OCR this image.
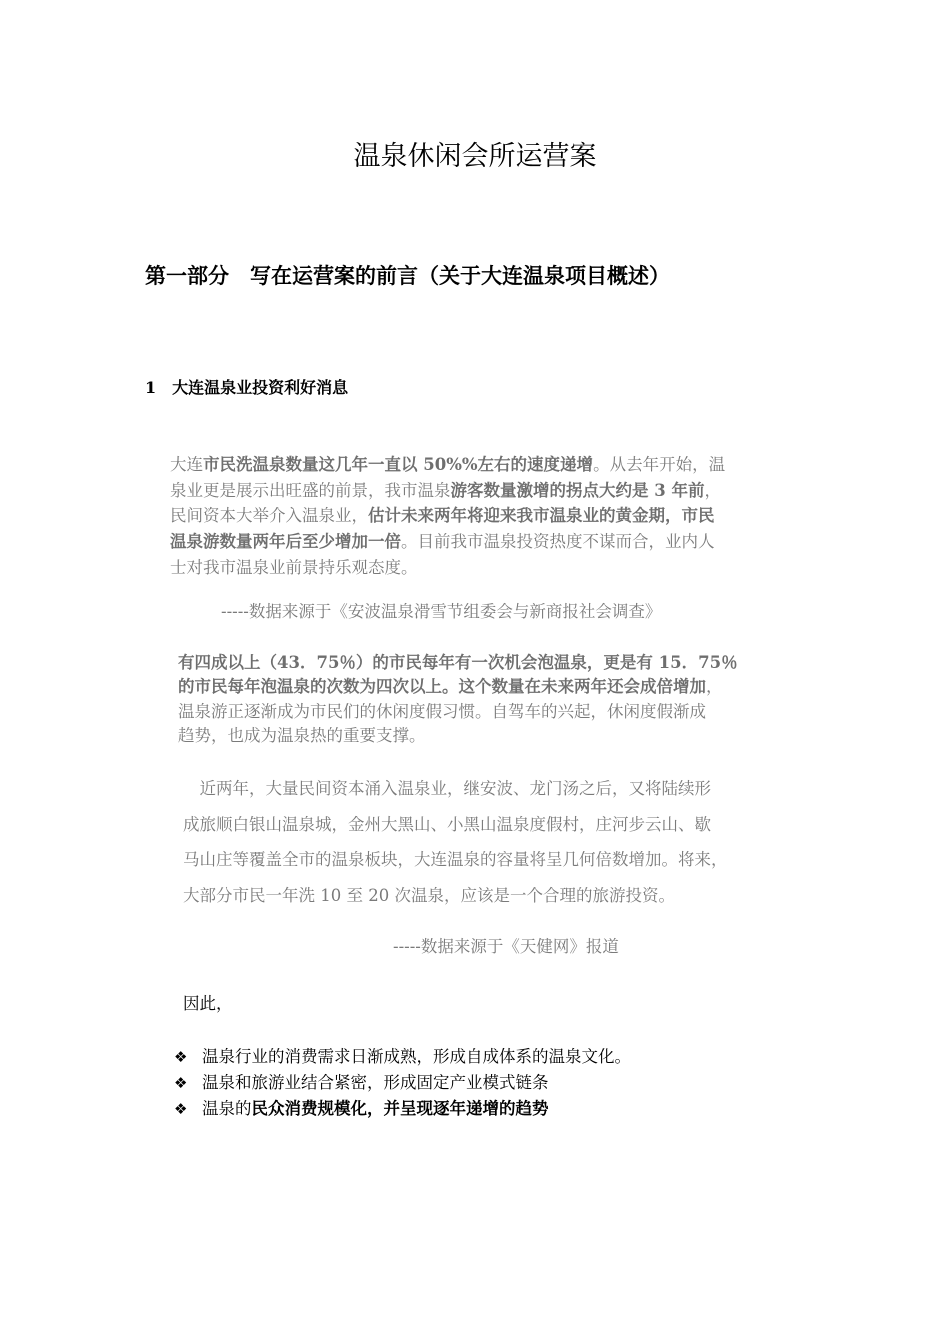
温泉休闲会所运营案
第一部分　写在运营案的前言（关于大连温泉项目概述）
1 大连温泉业投资利好消息
大连市民洗温泉数量这几年一直以 50%%左右的速度递增。从去年开始，温
泉业更是展示出旺盛的前景，我市温泉游客数量激增的拐点大约是 3 年前，
民间资本大举介入温泉业，估计未来两年将迎来我市温泉业的黄金期，市民
温泉游数量两年后至少增加一倍。目前我市温泉投资热度不谋而合，业内人
士对我市温泉业前景持乐观态度。
-----数据来源于《安波温泉滑雪节组委会与新商报社会调查》
有四成以上（43．75％）的市民每年有一次机会泡温泉，更是有 15．75％
的市民每年泡温泉的次数为四次以上。这个数量在未来两年还会成倍增加，
温泉游正逐渐成为市民们的休闲度假习惯。自驾车的兴起，休闲度假渐成
趋势，也成为温泉热的重要支撑。
　近两年，大量民间资本涌入温泉业，继安波、龙门汤之后，又将陆续形
成旅顺白银山温泉城，金州大黑山、小黑山温泉度假村，庄河步云山、歇
马山庄等覆盖全市的温泉板块，大连温泉的容量将呈几何倍数增加。将来，
大部分市民一年洗 10 至 20 次温泉，应该是一个合理的旅游投资。
-----数据来源于《天健网》报道
因此，
❖ 温泉行业的消费需求日渐成熟，形成自成体系的温泉文化。
❖ 温泉和旅游业结合紧密，形成固定产业模式链条
❖ 温泉的民众消费规模化，并呈现逐年递增的趋势
